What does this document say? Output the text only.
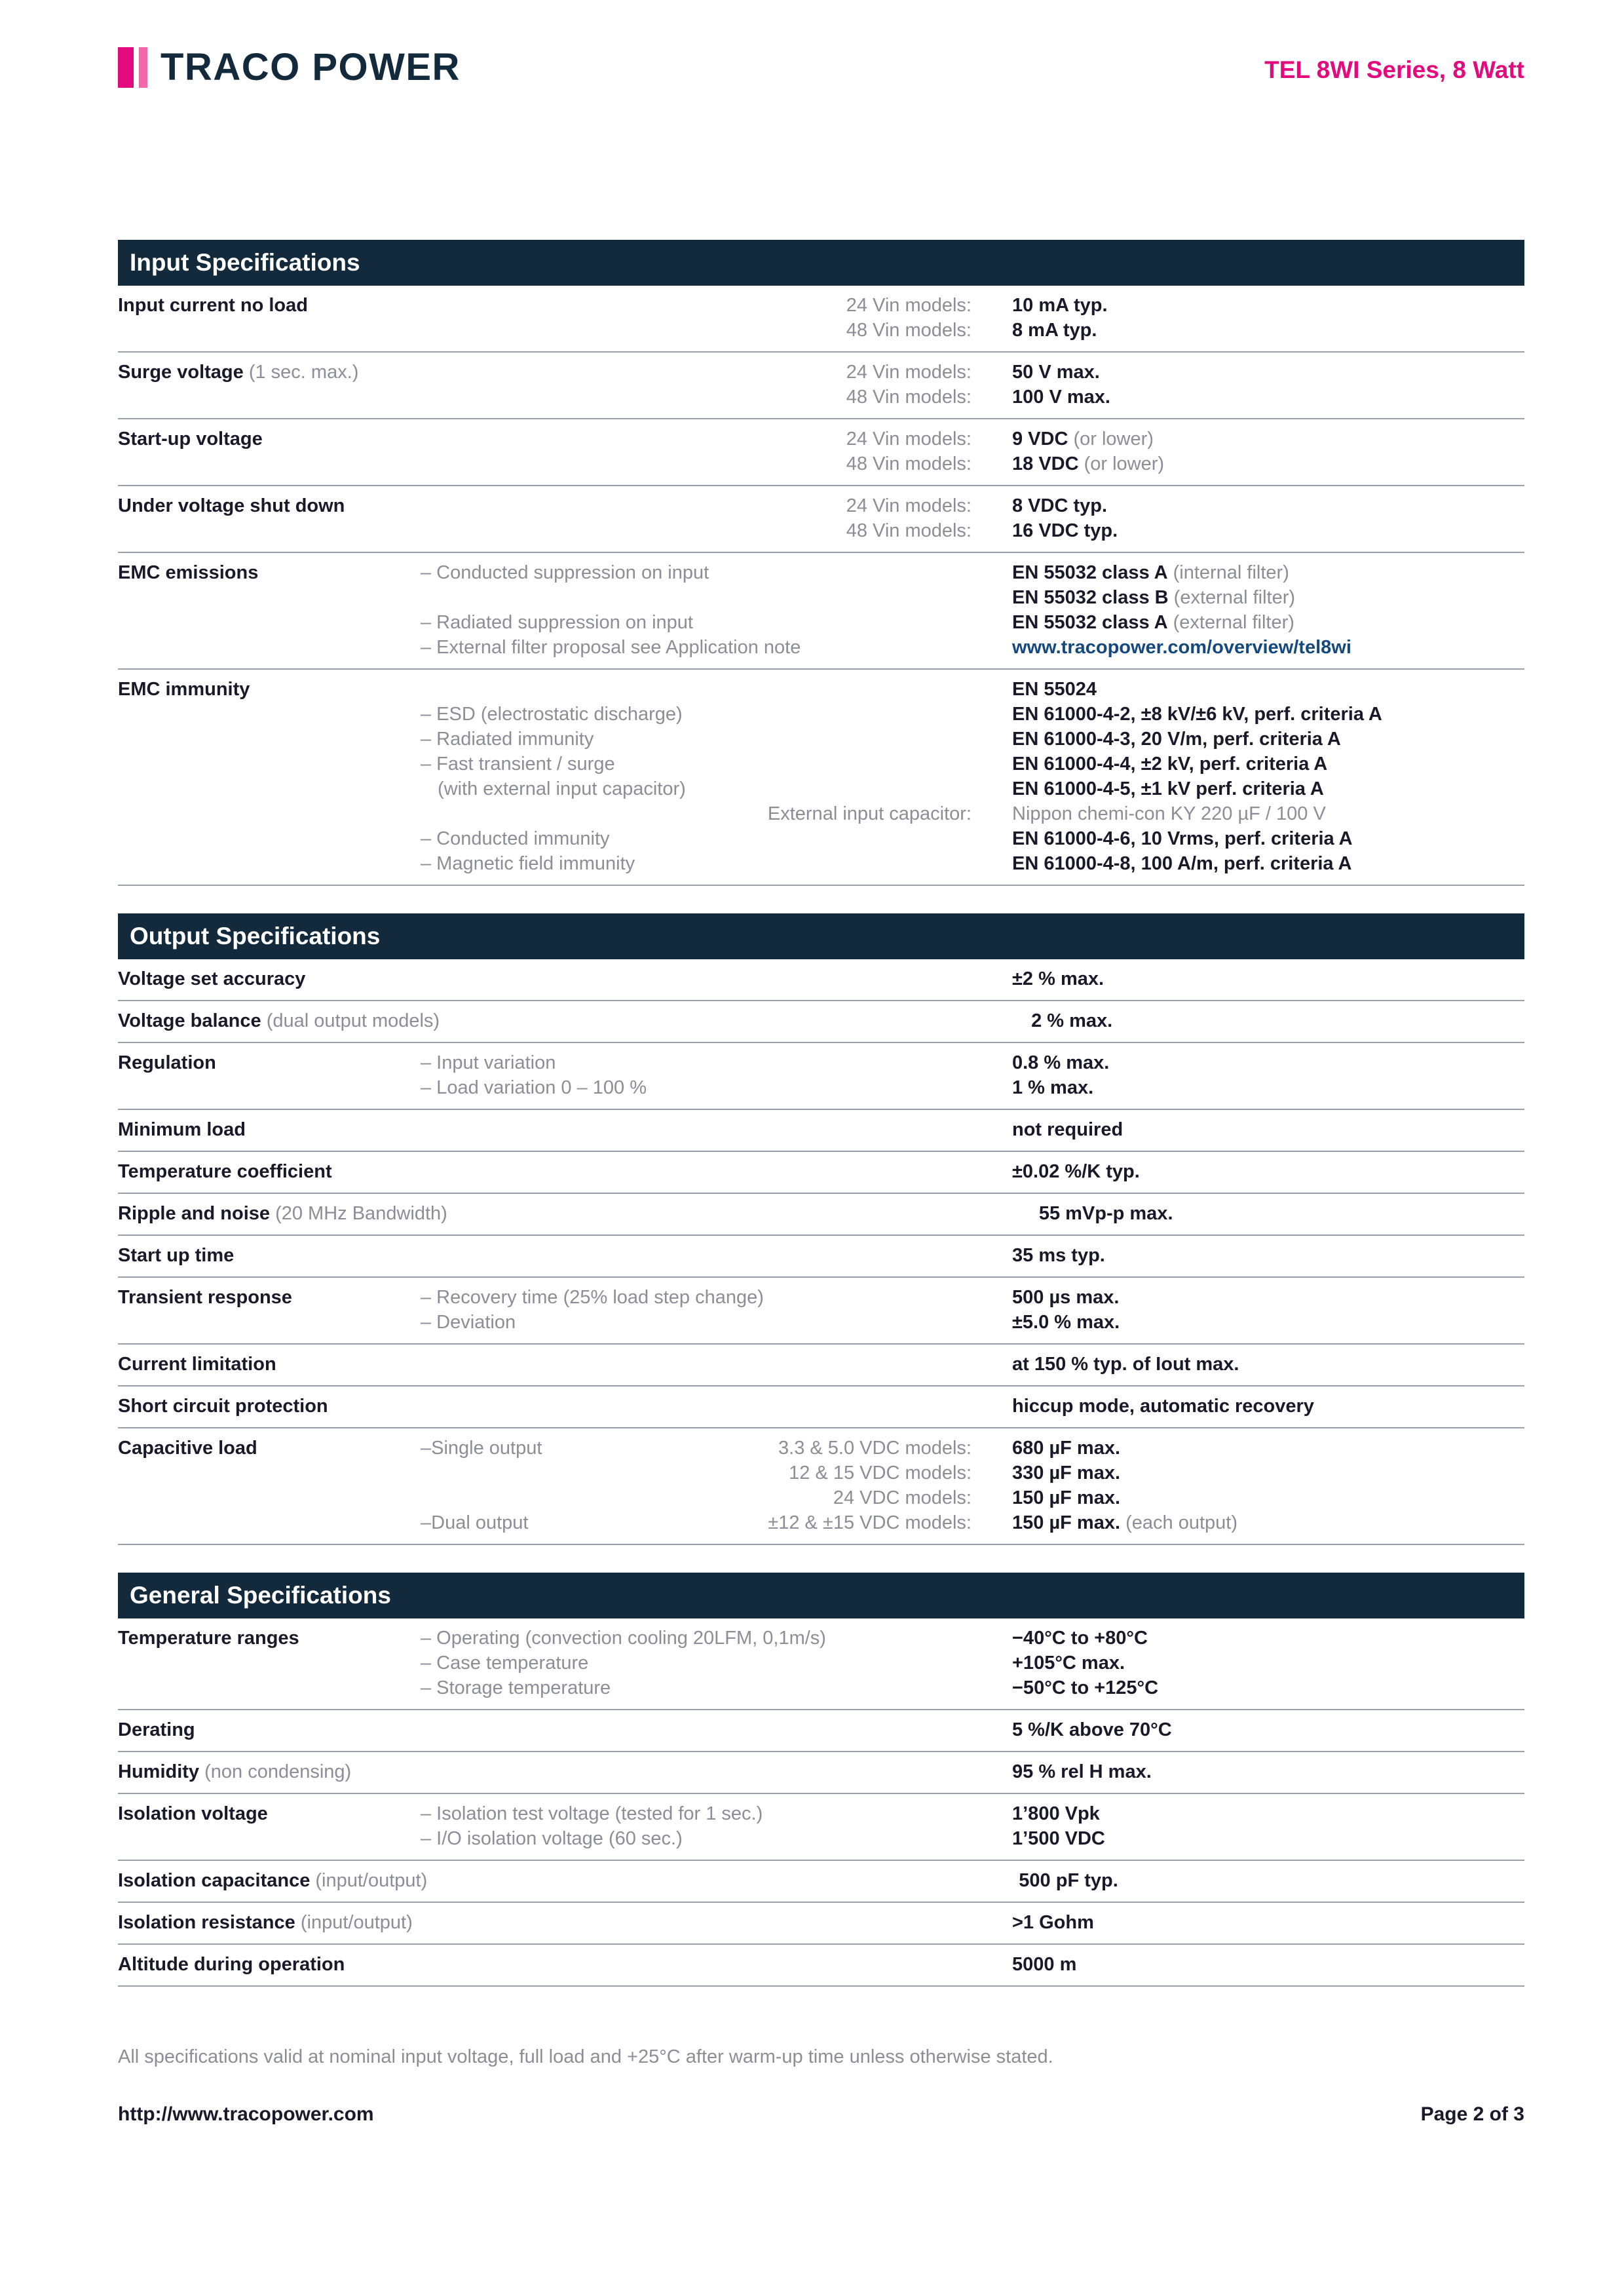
TRACO POWER	TEL 8WI Series, 8 Watt
Input Specifications
Input current no load	24 Vin models: 10 mA typ.
48 Vin models: 8 mA typ.
Surge voltage (1 sec. max.)	24 Vin models: 50 V max.
48 Vin models: 100 V max.
Start-up voltage	24 Vin models: 9 VDC (or lower)
48 Vin models: 18 VDC (or lower)
Under voltage shut down	24 Vin models: 8 VDC typ.
48 Vin models: 16 VDC typ.
EMC emissions	– Conducted suppression on input	EN 55032 class A (internal filter)
EN 55032 class B (external filter)
– Radiated suppression on input	EN 55032 class A (external filter)
– External filter proposal see Application note	www.tracopower.com/overview/tel8wi
EMC immunity	EN 55024
– ESD (electrostatic discharge)	EN 61000-4-2, ±8 kV/±6 kV, perf. criteria A
– Radiated immunity	EN 61000-4-3, 20 V/m, perf. criteria A
– Fast transient / surge	EN 61000-4-4, ±2 kV, perf. criteria A
(with external input capacitor)	EN 61000-4-5, ±1 kV perf. criteria A
External input capacitor: Nippon chemi-con KY 220 µF / 100 V
– Conducted immunity	EN 61000-4-6, 10 Vrms, perf. criteria A
– Magnetic field immunity	EN 61000-4-8, 100 A/m, perf. criteria A
Output Specifications
Voltage set accuracy	±2 % max.
Voltage balance (dual output models)	2 % max.
Regulation	– Input variation	0.8 % max.
– Load variation 0 – 100 %	1 % max.
Minimum load	not required
Temperature coefficient	±0.02 %/K typ.
Ripple and noise (20 MHz Bandwidth)	55 mVp-p max.
Start up time	35 ms typ.
Transient response	– Recovery time (25% load step change)	500 µs max.
– Deviation	±5.0 % max.
Current limitation	at 150 % typ. of Iout max.
Short circuit protection	hiccup mode, automatic recovery
Capacitive load	–Single output	3.3 & 5.0 VDC models: 680 µF max.
12 & 15 VDC models: 330 µF max.
24 VDC models: 150 µF max.
–Dual output	±12 & ±15 VDC models: 150 µF max. (each output)
General Specifications
Temperature ranges	– Operating (convection cooling 20LFM, 0,1m/s)	−40°C to +80°C
– Case temperature	+105°C max.
– Storage temperature	−50°C to +125°C
Derating	5 %/K above 70°C
Humidity (non condensing)	95 % rel H max.
Isolation voltage	– Isolation test voltage (tested for 1 sec.)	1’800 Vpk
– I/O isolation voltage (60 sec.)	1’500 VDC
Isolation capacitance (input/output)	500 pF typ.
Isolation resistance (input/output)	>1 Gohm
Altitude during operation	5000 m

All specifications valid at nominal input voltage, full load and +25°C after warm-up time unless otherwise stated.

http://www.tracopower.com	Page 2 of 3
